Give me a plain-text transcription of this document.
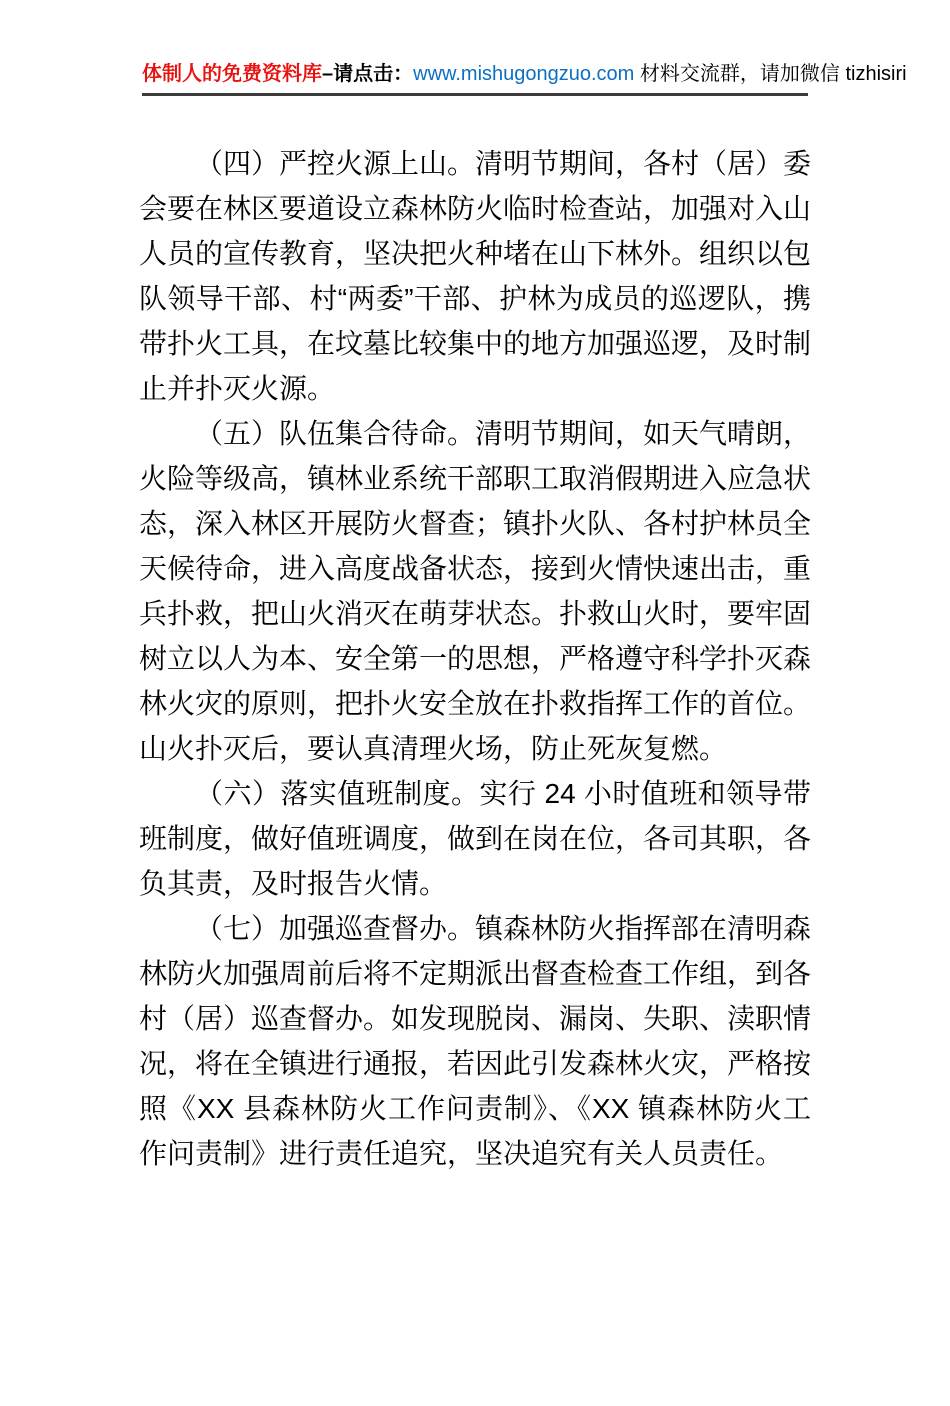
体制人的免费资料库–请点击：www.mishugongzuo.com 材料交流群，请加微信 tizhisiri

（四）严控火源上山。清明节期间，各村（居）委会要在林区要道设立森林防火临时检查站，加强对入山人员的宣传教育，坚决把火种堵在山下林外。组织以包队领导干部、村“两委”干部、护林为成员的巡逻队，携带扑火工具，在坟墓比较集中的地方加强巡逻，及时制止并扑灭火源。

（五）队伍集合待命。清明节期间，如天气晴朗，火险等级高，镇林业系统干部职工取消假期进入应急状态，深入林区开展防火督查；镇扑火队、各村护林员全天候待命，进入高度战备状态，接到火情快速出击，重兵扑救，把山火消灭在萌芽状态。扑救山火时，要牢固树立以人为本、安全第一的思想，严格遵守科学扑灭森林火灾的原则，把扑火安全放在扑救指挥工作的首位。山火扑灭后，要认真清理火场，防止死灰复燃。

（六）落实值班制度。实行 24 小时值班和领导带班制度，做好值班调度，做到在岗在位，各司其职，各负其责，及时报告火情。

（七）加强巡查督办。镇森林防火指挥部在清明森林防火加强周前后将不定期派出督查检查工作组，到各村（居）巡查督办。如发现脱岗、漏岗、失职、渎职情况，将在全镇进行通报，若因此引发森林火灾，严格按照《XX 县森林防火工作问责制》、《XX 镇森林防火工作问责制》进行责任追究，坚决追究有关人员责任。
